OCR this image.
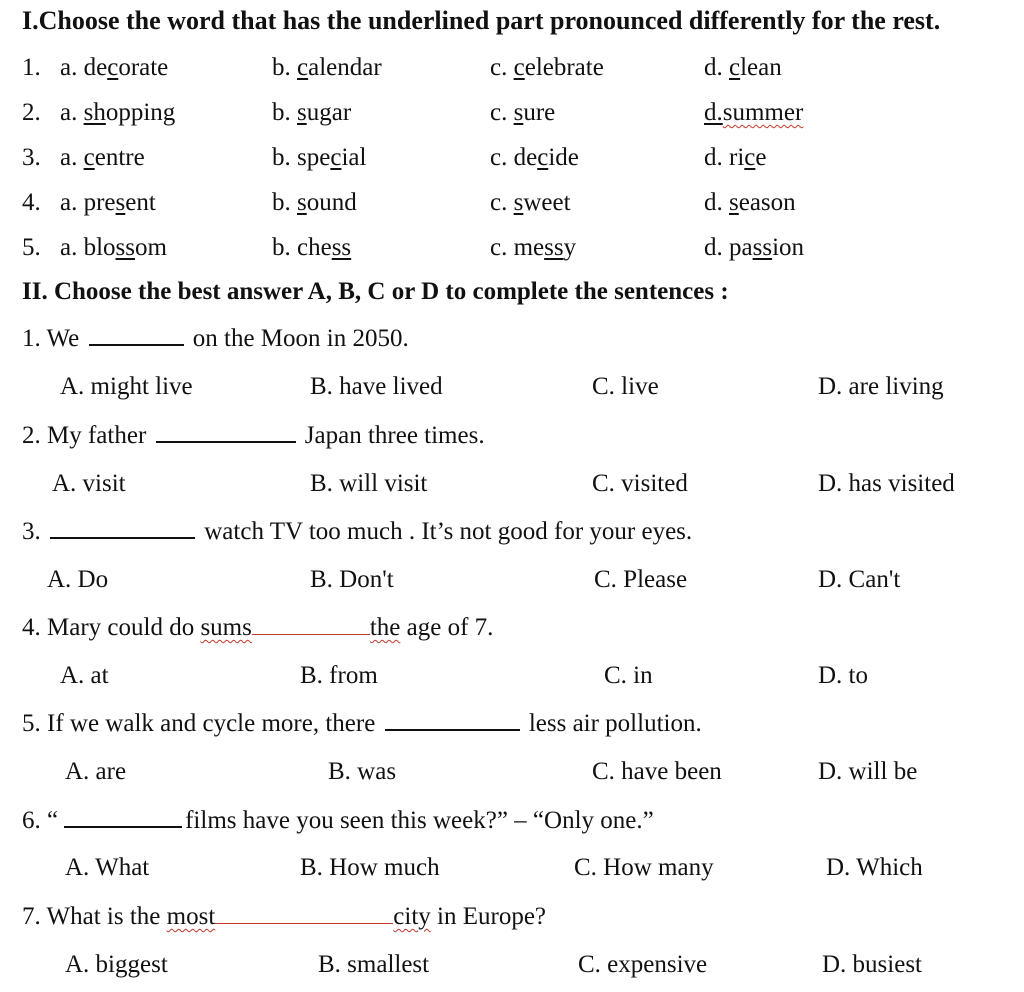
I.Choose the word that has the underlined part pronounced differently for the rest.
1. a. decorate	b. calendar	c. celebrate	d. clean
2. a. shopping	b. sugar	c. sure	d.summer
3. a. centre	b. special	c. decide	d. rice
4. a. present	b. sound	c. sweet	d. season
5. a. blossom	b. chess	c. messy	d. passion
II. Choose the best answer A, B, C or D to complete the sentences :
1. We	on the Moon in 2050.
2. My father	Japan three times.
3.	watch TV too much . It’s not good for your eyes.
4. Mary could do sums	the age of 7.
5. If we walk and cycle more, there	less air pollution.
6. “	films have you seen this week?” – “Only one.”
7. What is the most	city in Europe?
A. might live	B. have lived	C. live	D. are living
A. visit	B. will visit	C. visited	D. has visited
A. Do	B. Don't	C. Please	D. Can't
A. at	B. from	C. in	D. to
A. are	B. was	C. have been	D. will be
A. What	B. How much	C. How many	D. Which
A. biggest	B. smallest	C. expensive	D. busiest
